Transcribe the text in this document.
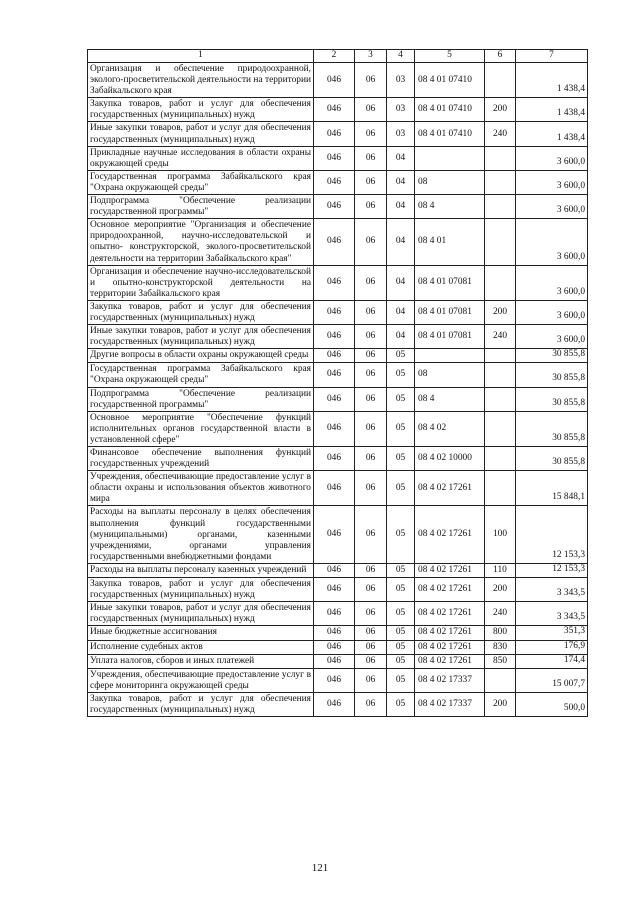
1	2	3	4	5	6	7
Организация и обеспечение природоохранной, эколого-просветительской деятельности на территории Забайкальского края	046	06	03	08 4 01 07410		1 438,4
Закупка товаров, работ и услуг для обеспечения государственных (муниципальных) нужд	046	06	03	08 4 01 07410	200	1 438,4
Иные закупки товаров, работ и услуг для обеспечения государственных (муниципальных) нужд	046	06	03	08 4 01 07410	240	1 438,4
Прикладные научные исследования в области охраны окружающей среды	046	06	04			3 600,0
Государственная программа Забайкальского края "Охрана окружающей среды"	046	06	04	08		3 600,0
Подпрограмма "Обеспечение реализации государственной программы"	046	06	04	08 4		3 600,0
Основное мероприятие "Организация и обеспечение природоохранной, научно-исследовательской и опытно- конструкторской, эколого-просветительской деятельности на территории Забайкальского края"	046	06	04	08 4 01		3 600,0
Организация и обеспечение научно-исследовательской и опытно-конструкторской деятельности на территории Забайкальского края	046	06	04	08 4 01 07081		3 600,0
Закупка товаров, работ и услуг для обеспечения государственных (муниципальных) нужд	046	06	04	08 4 01 07081	200	3 600,0
Иные закупки товаров, работ и услуг для обеспечения государственных (муниципальных) нужд	046	06	04	08 4 01 07081	240	3 600,0
Другие вопросы в области охраны окружающей среды	046	06	05			30 855,8
Государственная программа Забайкальского края "Охрана окружающей среды"	046	06	05	08		30 855,8
Подпрограмма "Обеспечение реализации государственной программы"	046	06	05	08 4		30 855,8
Основное мероприятие "Обеспечение функций исполнительных органов государственной власти в установленной сфере"	046	06	05	08 4 02		30 855,8
Финансовое обеспечение выполнения функций государственных учреждений	046	06	05	08 4 02 10000		30 855,8
Учреждения, обеспечивающие предоставление услуг в области охраны и использования объектов животного мира	046	06	05	08 4 02 17261		15 848,1
Расходы на выплаты персоналу в целях обеспечения выполнения функций государственными (муниципальными) органами, казенными учреждениями, органами управления государственными внебюджетными фондами	046	06	05	08 4 02 17261	100	12 153,3
Расходы на выплаты персоналу казенных учреждений	046	06	05	08 4 02 17261	110	12 153,3
Закупка товаров, работ и услуг для обеспечения государственных (муниципальных) нужд	046	06	05	08 4 02 17261	200	3 343,5
Иные закупки товаров, работ и услуг для обеспечения государственных (муниципальных) нужд	046	06	05	08 4 02 17261	240	3 343,5
Иные бюджетные ассигнования	046	06	05	08 4 02 17261	800	351,3
Исполнение судебных актов	046	06	05	08 4 02 17261	830	176,9
Уплата налогов, сборов и иных платежей	046	06	05	08 4 02 17261	850	174,4
Учреждения, обеспечивающие предоставление услуг в сфере мониторинга окружающей среды	046	06	05	08 4 02 17337		15 007,7
Закупка товаров, работ и услуг для обеспечения государственных (муниципальных) нужд	046	06	05	08 4 02 17337	200	500,0
121
